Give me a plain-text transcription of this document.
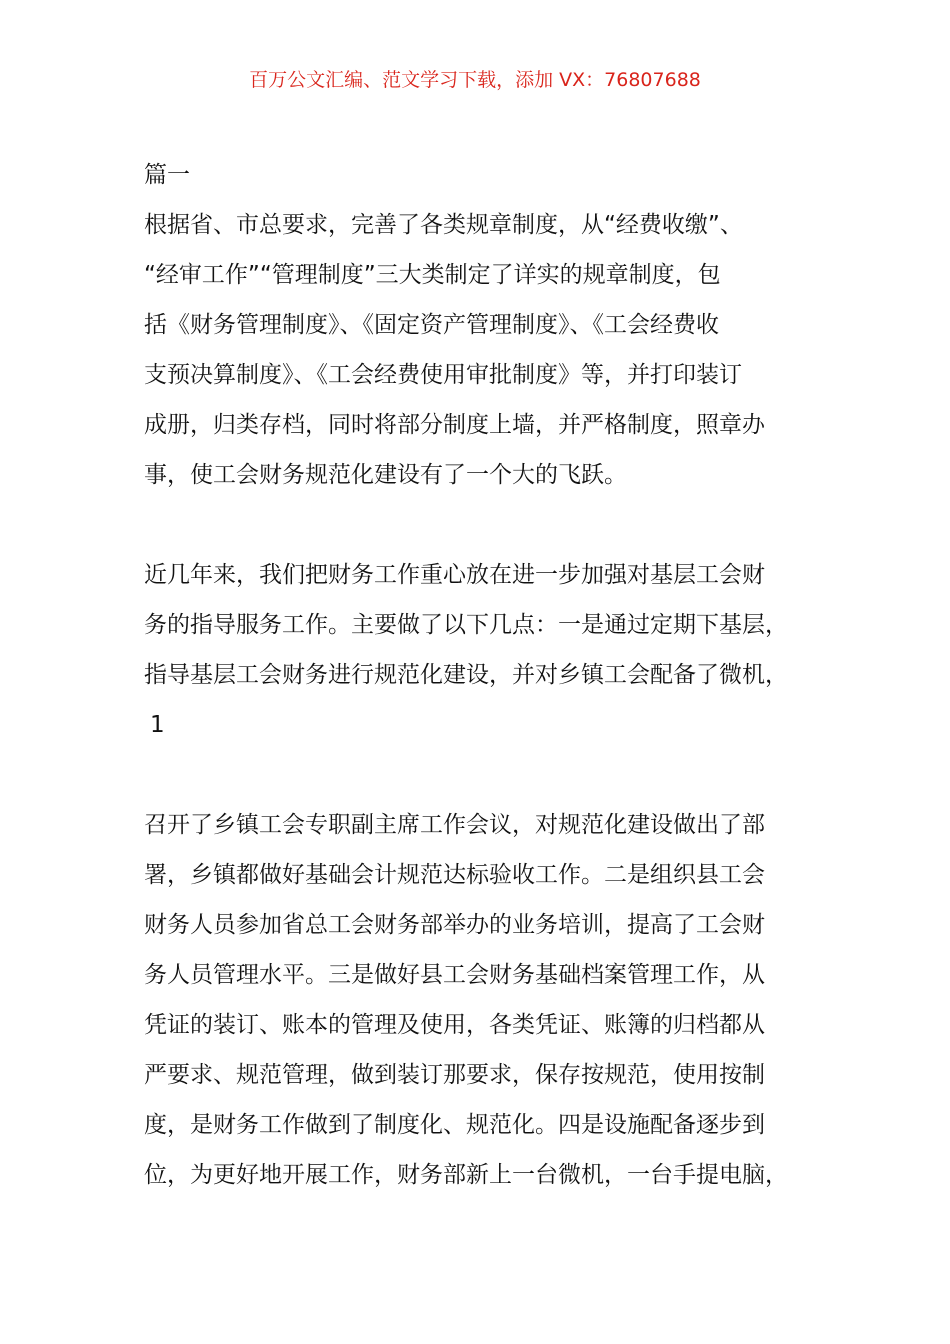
百万公文汇编、范文学习下载，添加 VX：76807688
篇一
根据省、市总要求，完善了各类规章制度，从“经费收缴”、
“经审工作”“管理制度”三大类制定了详实的规章制度，包
括《财务管理制度》、《固定资产管理制度》、《工会经费收
支预决算制度》、《工会经费使用审批制度》等，并打印装订
成册，归类存档，同时将部分制度上墙，并严格制度，照章办
事，使工会财务规范化建设有了一个大的飞跃。
近几年来，我们把财务工作重心放在进一步加强对基层工会财
务的指导服务工作。主要做了以下几点：一是通过定期下基层，
指导基层工会财务进行规范化建设，并对乡镇工会配备了微机，
1
召开了乡镇工会专职副主席工作会议，对规范化建设做出了部
署，乡镇都做好基础会计规范达标验收工作。二是组织县工会
财务人员参加省总工会财务部举办的业务培训，提高了工会财
务人员管理水平。三是做好县工会财务基础档案管理工作，从
凭证的装订、账本的管理及使用，各类凭证、账簿的归档都从
严要求、规范管理，做到装订那要求，保存按规范，使用按制
度，是财务工作做到了制度化、规范化。四是设施配备逐步到
位，为更好地开展工作，财务部新上一台微机，一台手提电脑，
